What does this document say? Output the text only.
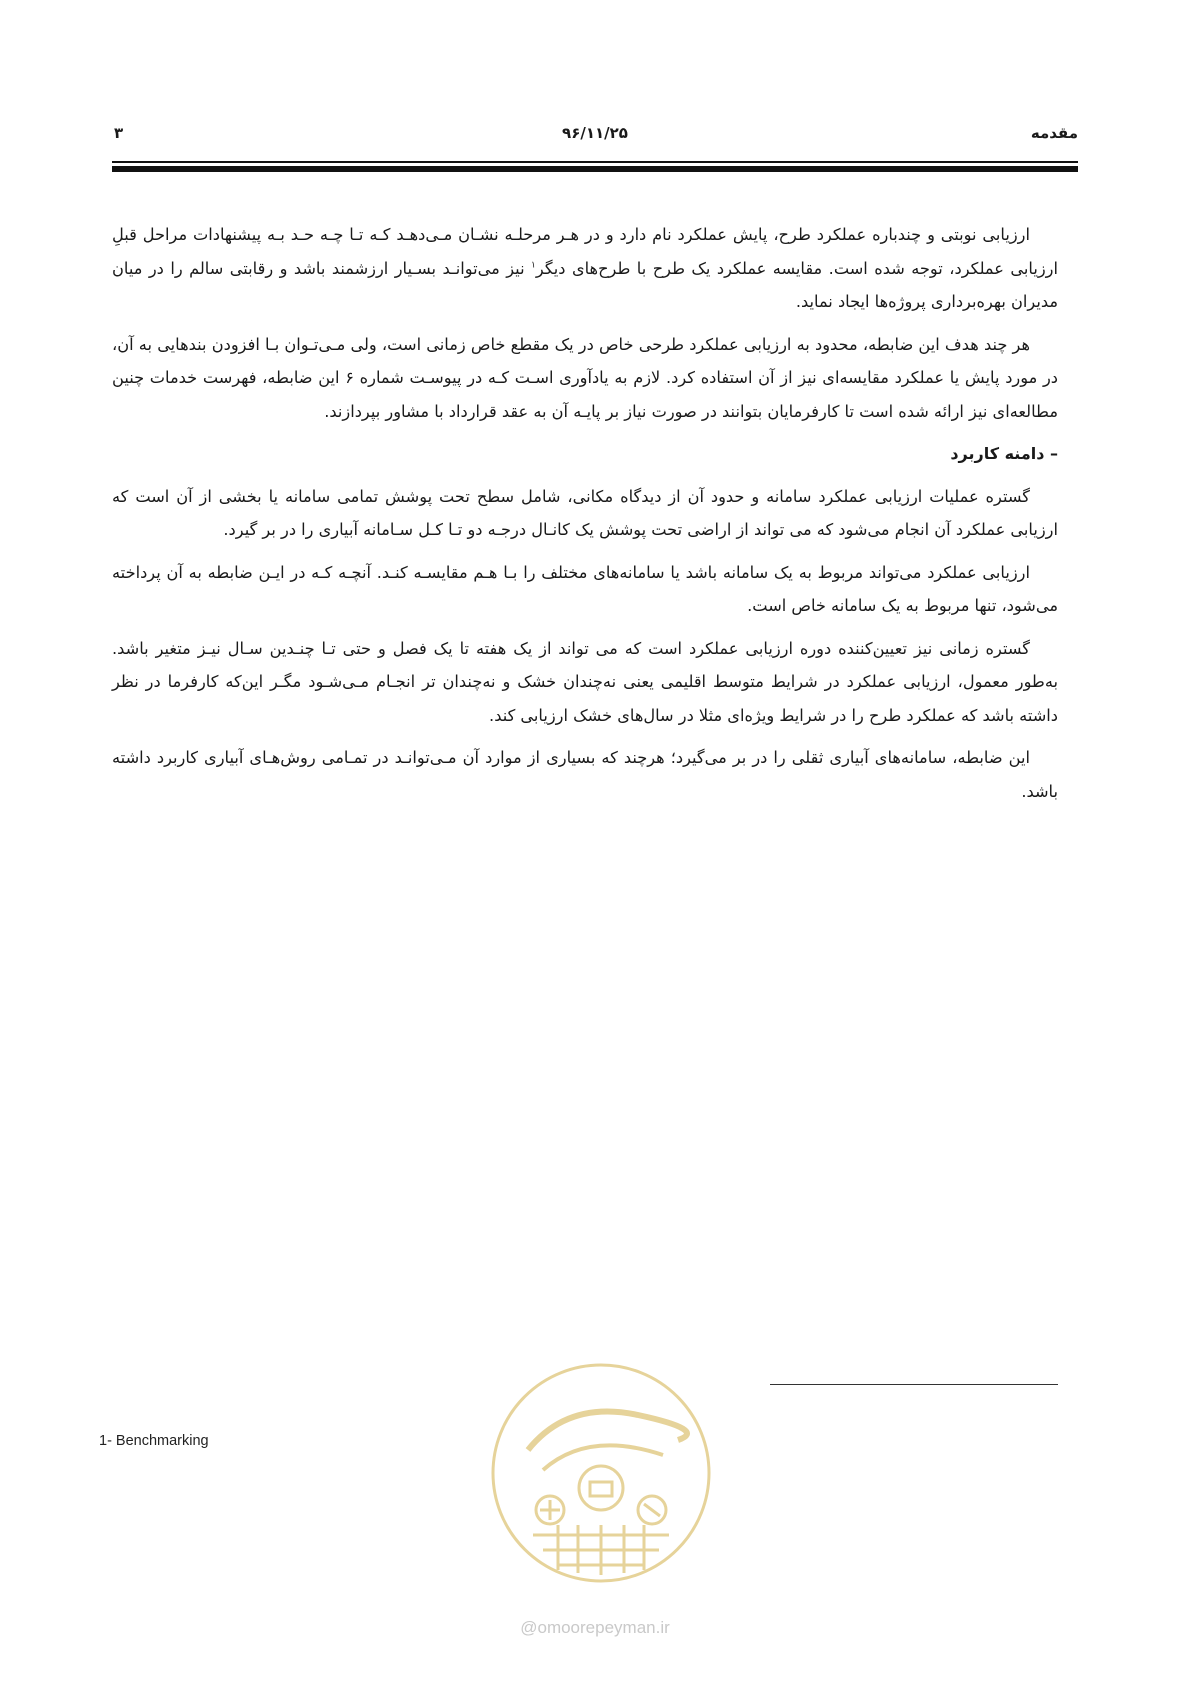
مقدمه
۹۶/۱۱/۲۵
۳

ارزیابی نوبتی و چندباره عملکرد طرح، پایش عملکرد نام دارد و در هـر مرحلـه نشـان مـی‌دهـد کـه تـا چـه حـد بـه پیشنهادات مراحل قبلِ ارزیابی عملکرد، توجه شده است. مقایسه عملکرد یک طرح با طرح‌های دیگر$^۱$ نیز می‌توانـد بسـیار ارزشمند باشد و رقابتی سالم را در میان مدیران بهره‌برداری پروژه‌ها ایجاد نماید.

هر چند هدف این ضابطه، محدود به ارزیابی عملکرد طرحی خاص در یک مقطع خاص زمانی است، ولی مـی‌تـوان بـا افزودن بندهایی به آن، در مورد پایش یا عملکرد مقایسه‌ای نیز از آن استفاده کرد. لازم به یادآوری اسـت کـه در پیوسـت شماره ۶ این ضابطه، فهرست خدمات چنین مطالعه‌ای نیز ارائه شده است تا کارفرمایان بتوانند در صورت نیاز بر پایـه آن به عقد قرارداد با مشاور بپردازند.

– دامنه کاربرد

گستره عملیات ارزیابی عملکرد سامانه و حدود آن از دیدگاه مکانی، شامل سطح تحت پوشش تمامی سامانه یا بخشی از آن است که ارزیابی عملکرد آن انجام می‌شود که می تواند از اراضی تحت پوشش یک کانـال درجـه دو تـا کـل سـامانه آبیاری را در بر گیرد.

ارزیابی عملکرد می‌تواند مربوط به یک سامانه باشد یا سامانه‌های مختلف را بـا هـم مقایسـه کنـد. آنچـه کـه در ایـن ضابطه به آن پرداخته می‌شود، تنها مربوط به یک سامانه خاص است.

گستره زمانی نیز تعیین‌کننده دوره ارزیابی عملکرد است که می تواند از یک هفته تا یک فصل و حتی تـا چنـدین سـال نیـز متغیر باشد. به‌طور معمول، ارزیابی عملکرد در شرایط متوسط اقلیمی یعنی نه‌چندان خشک و نه‌چندان تر انجـام مـی‌شـود مگـر این‌که کارفرما در نظر داشته باشد که عملکرد طرح را در شرایط ویژه‌ای مثلا در سال‌های خشک ارزیابی کند.

این ضابطه، سامانه‌های آبیاری ثقلی را در بر می‌گیرد؛ هرچند که بسیاری از موارد آن مـی‌توانـد در تمـامی روش‌هـای آبیاری کاربرد داشته باشد.

1- Benchmarking
@omoorepeyman.ir
